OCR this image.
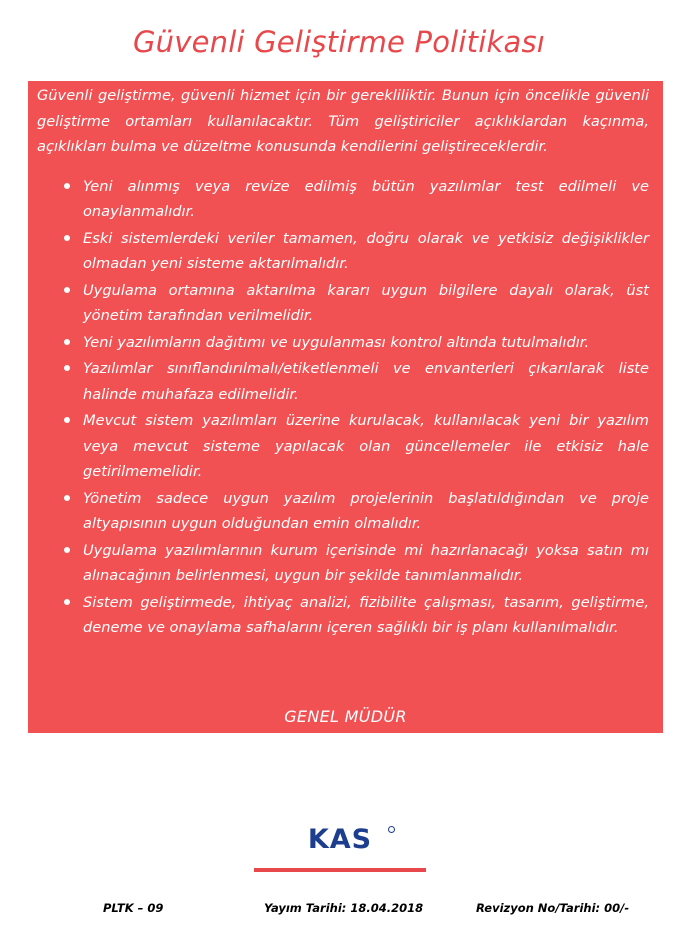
Güvenli Geliştirme Politikası

Güvenli geliştirme, güvenli hizmet için bir gerekliliktir. Bunun için öncelikle güvenli geliştirme ortamları kullanılacaktır. Tüm geliştiriciler açıklıklardan kaçınma, açıklıkları bulma ve düzeltme konusunda kendilerini geliştireceklerdir.

Yeni alınmış veya revize edilmiş bütün yazılımlar test edilmeli ve onaylanmalıdır.
Eski sistemlerdeki veriler tamamen, doğru olarak ve yetkisiz değişiklikler olmadan yeni sisteme aktarılmalıdır.
Uygulama ortamına aktarılma kararı uygun bilgilere dayalı olarak, üst yönetim tarafından verilmelidir.
Yeni yazılımların dağıtımı ve uygulanması kontrol altında tutulmalıdır.
Yazılımlar sınıflandırılmalı/etiketlenmeli ve envanterleri çıkarılarak liste halinde muhafaza edilmelidir.
Mevcut sistem yazılımları üzerine kurulacak, kullanılacak yeni bir yazılım veya mevcut sisteme yapılacak olan güncellemeler ile etkisiz hale getirilmemelidir.
Yönetim sadece uygun yazılım projelerinin başlatıldığından ve proje altyapısının uygun olduğundan emin olmalıdır.
Uygulama yazılımlarının kurum içerisinde mi hazırlanacağı yoksa satın mı alınacağının belirlenmesi, uygun bir şekilde tanımlanmalıdır.
Sistem geliştirmede, ihtiyaç analizi, fizibilite çalışması, tasarım, geliştirme, deneme ve onaylama safhalarını içeren sağlıklı bir iş planı kullanılmalıdır.
GENEL MÜDÜR
KAS
PLTK – 09	Yayım Tarihi: 18.04.2018	Revizyon No/Tarihi: 00/-
